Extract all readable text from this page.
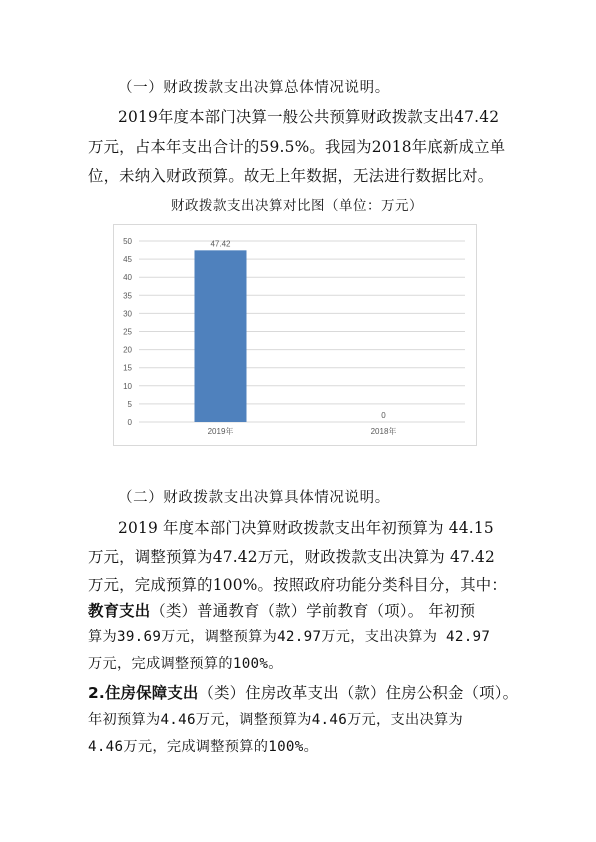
（一）财政拨款支出决算总体情况说明。
2019年度本部门决算一般公共预算财政拨款支出47.42
万元，占本年支出合计的59.5%。我园为2018年底新成立单
位，未纳入财政预算。故无上年数据，无法进行数据比对。
财政拨款支出决算对比图（单位：万元）
0
5
10
15
20
25
30
35
40
45
50	47.42
2019年
0
2018年
（二）财政拨款支出决算具体情况说明。
2019 年度本部门决算财政拨款支出年初预算为 44.15
万元，调整预算为47.42万元，财政拨款支出决算为 47.42
万元，完成预算的100%。按照政府功能分类科目分，其中：
教育支出（类）普通教育（款）学前教育（项）。 年初预
算为39.69万元，调整预算为42.97万元，支出决算为 42.97
万元，完成调整预算的100%。
2.住房保障支出（类）住房改革支出（款）住房公积金（项）。
年初预算为4.46万元，调整预算为4.46万元，支出决算为
4.46万元，完成调整预算的100%。
